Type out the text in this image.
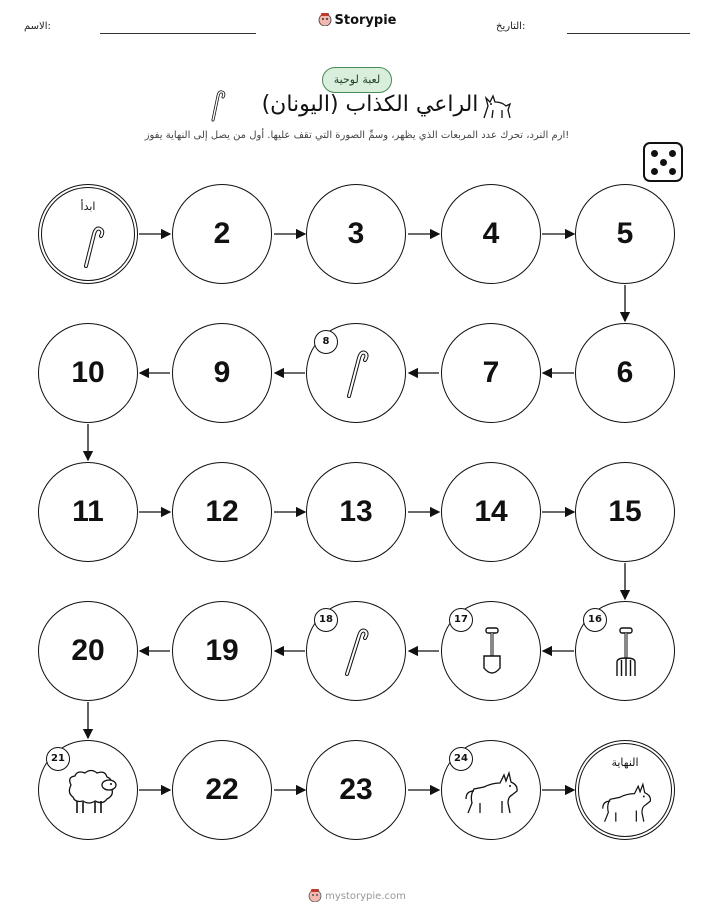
التاريخ:
الاسم:	Storypie
لعبة لوحية
الراعي الكذاب (اليونان)
ارم النرد، تحرك عدد المربعات الذي يظهر، وسمِّ الصورة التي تقف عليها. أول من يصل إلى النهاية يفوز!
ابدأ
2	3	4	5
10	9
8
7	6
11	12	13	14	15
20	19
18	17	16
21
22	23
24	النهاية
mystorypie.com
